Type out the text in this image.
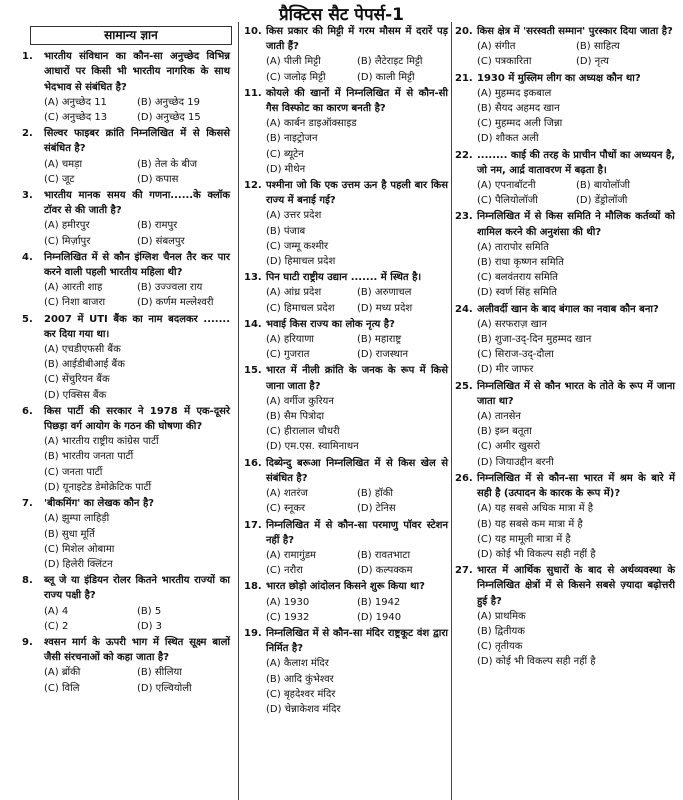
प्रैक्टिस सैट पेपर्स-1
सामान्य ज्ञान
1.	भारतीय संविधान का कौन-सा अनुच्छेद विभिन्न आधारों पर किसी भी भारतीय नागरिक के साथ भेदभाव से संबंधित है?
(A) अनुच्छेद 11	(B) अनुच्छेद 19
(C) अनुच्छेद 13	(D) अनुच्छेद 15
2.	सिल्वर फाइबर क्रांति निम्नलिखित में से किससे संबंधित है?
(A) चमड़ा	(B) तेल के बीज
(C) जूट	(D) कपास
3.	भारतीय मानक समय की गणना......के क्लॉक टॉवर से की जाती है?
(A) हमीरपुर	(B) रामपुर
(C) मिर्ज़ापुर	(D) संबलपुर
4.	निम्नलिखित में से कौन इंग्लिश चैनल तैर कर पार करने वाली पहली भारतीय महिला थी?
(A) आरती शाह	(B) उज्ज्वला राय
(C) निशा बाजरा	(D) कर्णम मल्लेश्वरी
5.	2007 में UTI बैंक का नाम बदलकर ....... कर दिया गया था।
(A) एचडीएफसी बैंक
(B) आईडीबीआई बैंक
(C) सेंचुरियन बैंक
(D) एक्सिस बैंक
6.	किस पार्टी की सरकार ने 1978 में एक-दूसरे पिछड़ा वर्ग आयोग के गठन की घोषणा की?
(A) भारतीय राष्ट्रीय कांग्रेस पार्टी
(B) भारतीय जनता पार्टी
(C) जनता पार्टी
(D) यूनाइटेड डेमोक्रेटिक पार्टी
7.	'बीकमिंग' का लेखक कौन है?
(A) झुम्पा लाहिड़ी
(B) सुधा मूर्ति
(C) मिशेल ओबामा
(D) हिलेरी क्लिंटन
8.	ब्लू जे या इंडियन रोलर कितने भारतीय राज्यों का राज्य पक्षी है?
(A) 4	(B) 5
(C) 2	(D) 3
9.	श्वसन मार्ग के ऊपरी भाग में स्थित सूक्ष्म बालों जैसी संरचनाओं को कहा जाता है?
(A) ब्रोंकी	(B) सीलिया
(C) विलि	(D) एल्वियोली
10. किस प्रकार की मिट्टी में गरम मौसम में दरारें पड़ जाती हैं?
(A) पीली मिट्टी	(B) लैटेराइट मिट्टी
(C) जलोढ़ मिट्टी	(D) काली मिट्टी
11. कोयले की खानों में निम्नलिखित में से कौन-सी गैस विस्फोट का कारण बनती है?
(A) कार्बन डाइऑक्साइड
(B) नाइट्रोजन
(C) ब्यूटेन
(D) मीथेन
12. पश्मीना जो कि एक उत्तम ऊन है पहली बार किस राज्य में बनाई गई?
(A) उत्तर प्रदेश
(B) पंजाब
(C) जम्मू कश्मीर
(D) हिमाचल प्रदेश
13. पिन घाटी राष्ट्रीय उद्यान ....... में स्थित है।
(A) आंध्र प्रदेश	(B) अरुणाचल
(C) हिमाचल प्रदेश	(D) मध्य प्रदेश
14. भवाई किस राज्य का लोक नृत्य है?
(A) हरियाणा	(B) महाराष्ट्र
(C) गुजरात	(D) राजस्थान
15. भारत में नीली क्रांति के जनक के रूप में किसे जाना जाता है?
(A) वर्गीज कुरियन
(B) सैम पित्रोदा
(C) हीरालाल चौधरी
(D) एम.एस. स्वामिनाथन
16. दिब्येन्दु बरूआ निम्नलिखित में से किस खेल से संबंधित है?
(A) शतरंज	(B) हॉकी
(C) स्नूकर	(D) टेनिस
17. निम्नलिखित में से कौन-सा परमाणु पॉवर स्टेशन नहीं है?
(A) रामागुंडम	(B) रावतभाटा
(C) नरौरा	(D) कल्पक्कम
18. भारत छोड़ो आंदोलन किसने शुरू किया था?
(A) 1930	(B) 1942
(C) 1932	(D) 1940
19. निम्नलिखित में से कौन-सा मंदिर राष्ट्रकूट वंश द्वारा निर्मित है?
(A) कैलाश मंदिर
(B) आदि कुंभेश्वर
(C) बृहदेश्वर मंदिर
(D) चेन्नाकेशव मंदिर
20. किस क्षेत्र में 'सरस्वती सम्मान' पुरस्कार दिया जाता है?
(A) संगीत	(B) साहित्य
(C) पत्रकारिता	(D) नृत्य
21. 1930 में मुस्लिम लीग का अध्यक्ष कौन था?
(A) मुहम्मद इकबाल
(B) सैयद अहमद खान
(C) मुहम्मद अली जिन्ना
(D) शौकत अली
22. ........ काई की तरह के प्राचीन पौधों का अध्ययन है, जो नम, आर्द्र वातावरण में बढ़ता है।
(A) एपनाबॉटनी	(B) बायोलॉजी
(C) पैलियोलॉजी	(D) डेंड्रोलॉजी
23. निम्नलिखित में से किस समिति ने मौलिक कर्तव्यों को शामिल करने की अनुशंसा की थी?
(A) तारापोर समिति
(B) राधा कृष्णन समिति
(C) बलवंतराय समिति
(D) स्वर्ण सिंह समिति
24. अलीवर्दी खान के बाद बंगाल का नवाब कौन बना?
(A) सरफराज़ खान
(B) शुजा-उद्-दिन मुहम्मद खान
(C) सिराज-उद्-दौला
(D) मीर जाफर
25. निम्नलिखित में से कौन भारत के तोते के रूप में जाना जाता था?
(A) तानसेन
(B) इब्न बतूता
(C) अमीर खुसरो
(D) जियाउद्दीन बरनी
26. निम्नलिखित में से कौन-सा भारत में श्रम के बारे में सही है (उत्पादन के कारक के रूप में)?
(A) यह सबसे अधिक मात्रा में है
(B) यह सबसे कम मात्रा में है
(C) यह मामूली मात्रा में है
(D) कोई भी विकल्प सही नहीं है
27. भारत में आर्थिक सुधारों के बाद से अर्थव्यवस्था के निम्नलिखित क्षेत्रों में से किसने सबसे ज़्यादा बढ़ोत्तरी हुई है?
(A) प्राथमिक
(B) द्वितीयक
(C) तृतीयक
(D) कोई भी विकल्प सही नहीं है
